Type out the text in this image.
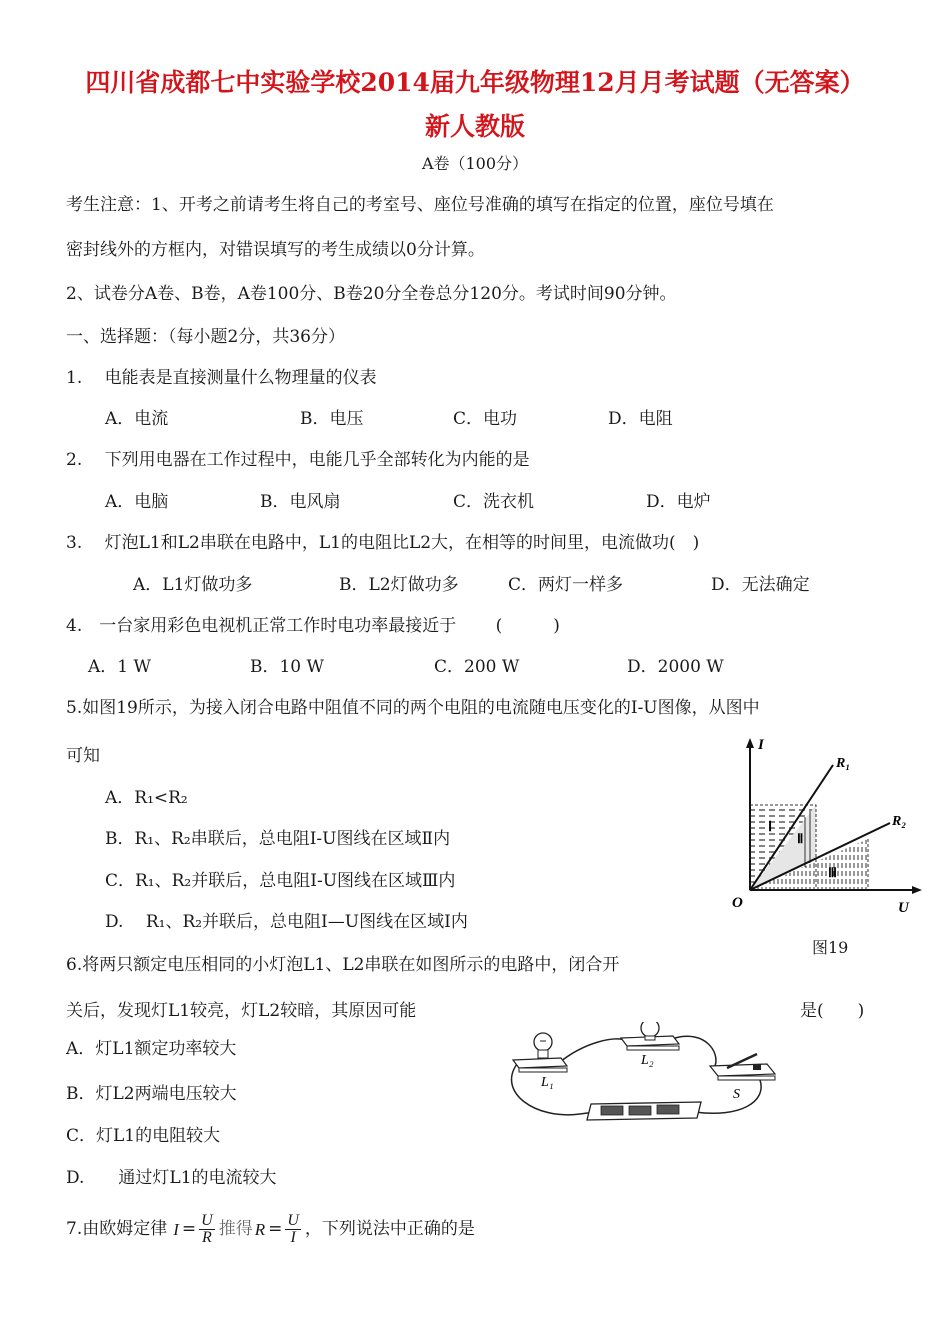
四川省成都七中实验学校2014届九年级物理12月月考试题（无答案）
新人教版
A卷（100分）
考生注意：1、开考之前请考生将自己的考室号、座位号准确的填写在指定的位置，座位号填在
密封线外的方框内，对错误填写的考生成绩以0分计算。
2、试卷分A卷、B卷，A卷100分、B卷20分全卷总分120分。考试时间90分钟。
一、选择题：（每小题2分，共36分）
1.　 电能表是直接测量什么物理量的仪表
A．电流	B．电压	C．电功	D．电阻
2.　 下列用电器在工作过程中，电能几乎全部转化为内能的是
A．电脑	B．电风扇	C．洗衣机	D．电炉
3.　 灯泡L1和L2串联在电路中，L1的电阻比L2大，在相等的时间里，电流做功(　)
A．L1灯做功多	B．L2灯做功多	C．两灯一样多	D．无法确定
4.　一台家用彩色电视机正常工作时电功率最接近于　　 (　　　)
A．1 W	B．10 W	C．200 W	D．2000 W
5.如图19所示，为接入闭合电路中阻值不同的两个电阻的电流随电压变化的I-U图像，从图中
可知
A．R₁<R₂
B．R₁、R₂串联后，总电阻I-U图线在区域Ⅱ内
C．R₁、R₂并联后，总电阻I-U图线在区域Ⅲ内
D.　 R₁、R₂并联后，总电阻I—U图线在区域Ⅰ内
I
O	U
R₁
R₂
Ⅰ
Ⅱ
Ⅲ
图19
6.将两只额定电压相同的小灯泡L1、L2串联在如图所示的电路中，闭合开
关后，发现灯L1较亮，灯L2较暗，其原因可能	是(　　)
A．灯L1额定功率较大
B．灯L2两端电压较大
C．灯L1的电阻较大
D.　　通过灯L1的电流较大
L₁
L₂
S
7.由欧姆定律 $I = \frac{U}{R}$ 推得 $R = \frac{U}{I}$ ，下列说法中正确的是
